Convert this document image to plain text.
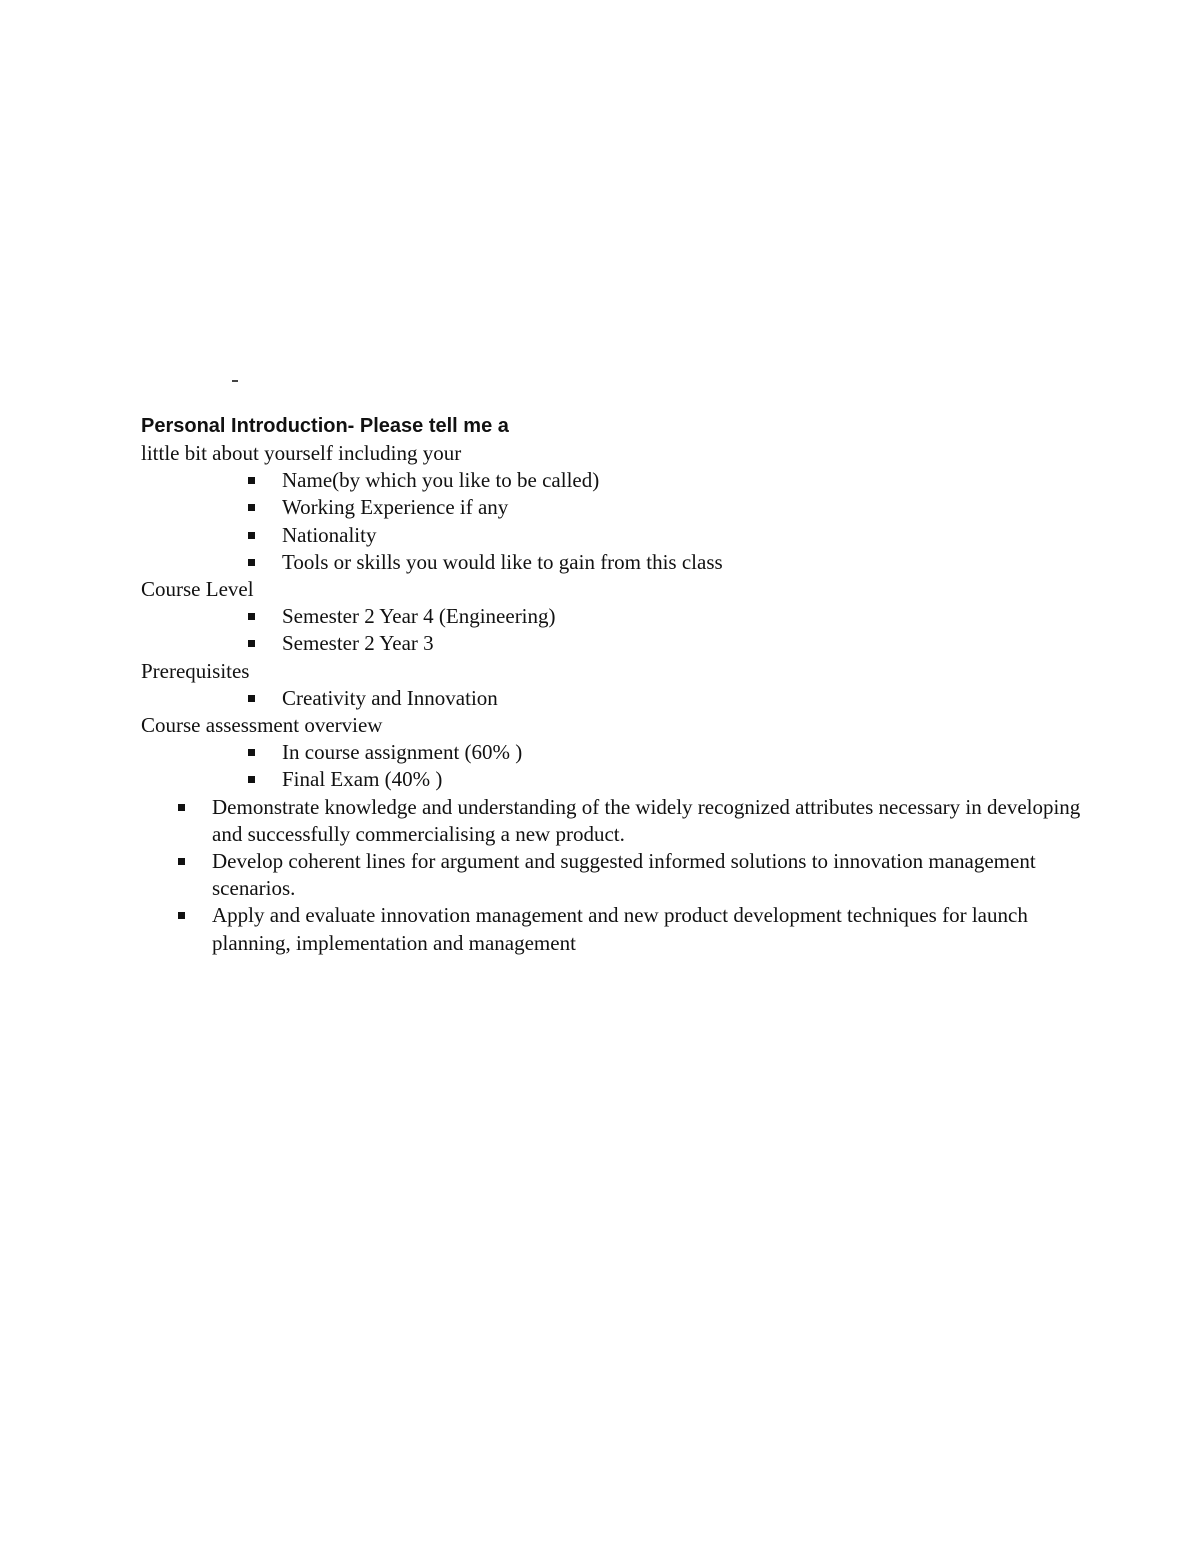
Personal Introduction- Please tell me a

little bit about yourself including your

Name(by which you like to be called)
Working Experience if any
Nationality
Tools or skills you would like to gain from this class

Course Level

Semester 2 Year 4 (Engineering)
Semester 2 Year 3

Prerequisites

Creativity and Innovation

Course assessment overview

In course assignment (60% )
Final Exam (40% )
Demonstrate knowledge and understanding of the widely recognized attributes necessary in developing and successfully commercialising a new product.
Develop coherent lines for argument and suggested informed solutions to innovation management scenarios.
Apply and evaluate innovation management and new product development techniques for launch planning, implementation and management
